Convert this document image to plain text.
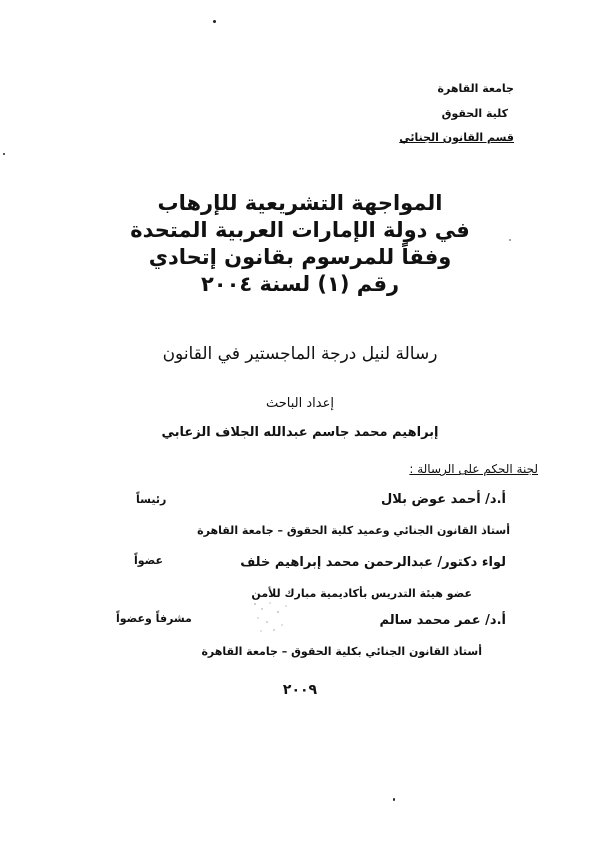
جامعة القاهرة
كلية الحقوق
قسم القانون الجنائي
المواجهة التشريعية للإرهاب
في دولة الإمارات العربية المتحدة
وفقاً للمرسوم بقانون إتحادي
رقم (١) لسنة ٢٠٠٤
رسالة لنيل درجة الماجستير في القانون
إعداد الباحث
إبراهيم محمد جاسم عبدالله الجلاف الزعابي
لجنة الحكم على الرسالة :
أ.د/ أحمد عوض بلال
رئيساً
أستاذ القانون الجنائي وعميد كلية الحقوق – جامعة القاهرة
لواء دكتور/ عبدالرحمن محمد إبراهيم خلف
عضواً
عضو هيئة التدريس بأكاديمية مبارك للأمن
أ.د/ عمر محمد سالم
مشرفاً وعضواً
أستاذ القانون الجنائي بكلية الحقوق – جامعة القاهرة
٢٠٠٩
